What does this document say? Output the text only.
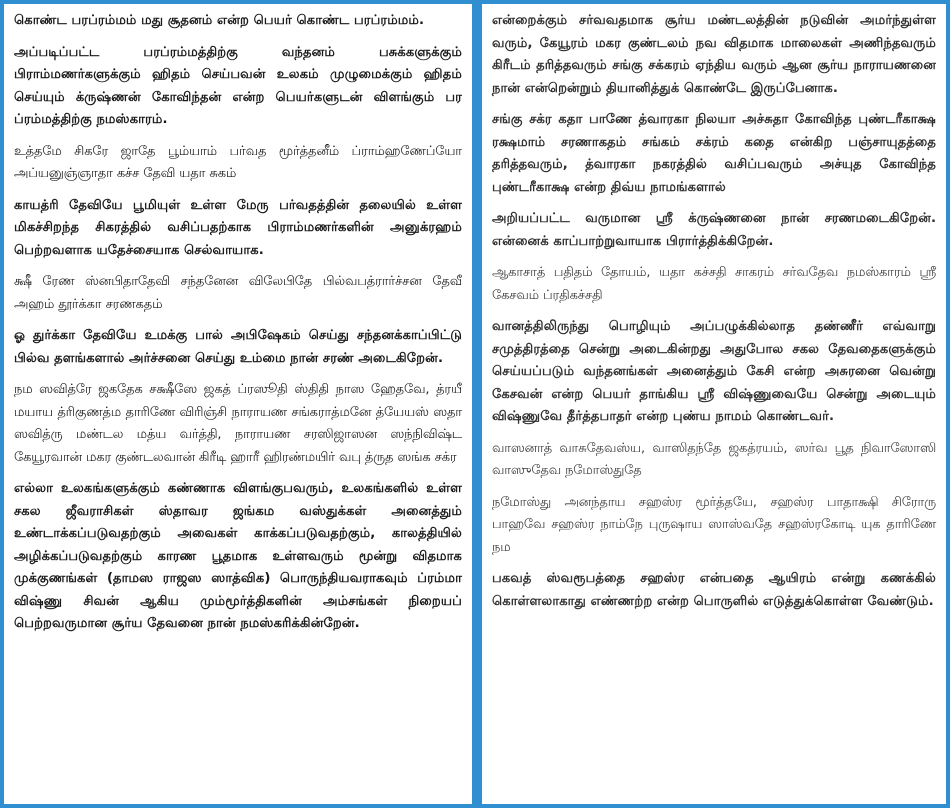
கொண்ட பரப்ரம்மம் மது சூதனம் என்ற பெயர் கொண்ட பரப்ரம்மம்.

அப்படிப்பட்ட பரப்ரம்மத்திற்கு வந்தனம் பசுக்களுக்கும் பிராம்மணர்களுக்கும் ஹிதம் செய்பவன் உலகம் முழுமைக்கும் ஹிதம் செய்யும் க்ருஷ்ணன் கோவிந்தன் என்ற பெயர்களுடன் விளங்கும் பர ப்ரம்மத்திற்கு நமஸ்காரம்.

உத்தமே சிகரே ஜாதே பூம்யாம் பர்வத மூர்த்தனீம் ப்ராம்ஹணேப்யோ அப்யனுஞ்ஞாதா கச்ச தேவி யதா சுகம்

காயத்ரி தேவியே பூமியுள் உள்ள மேரு பர்வதத்தின் தலையில் உள்ள மிகச்சிறந்த சிகரத்தில் வசிப்பதற்காக பிராம்மணர்களின் அனுக்ரஹம் பெற்றவளாக யதேச்சையாக செல்வாயாக.

க்ஷீ ரேண ஸ்னபிதாதேவி சந்தனேன விலேபிதே பில்வபத்ரார்ச்சன தேவீ அஹம் தூர்க்கா சரணகதம்

ஓ துர்க்கா தேவியே உமக்கு பால் அபிஷேகம் செய்து சந்தனக்காப்பிட்டு பில்வ தளங்களால் அர்ச்சனை செய்து உம்மை நான் சரண் அடைகிறேன்.

நம ஸவித்ரே ஜகதேக சக்ஷீஸே ஜகத் ப்ரஸூதி ஸ்திதி நாஸ ஹேதவே, த்ரயீ மயாய த்ரிகுணத்ம தாரிணே விரிஞ்சி நாராயண சங்கராத்மனே த்யேயஸ் ஸதா ஸவித்ரு மண்டல மத்ய வர்த்தி, நாராயண சரஸிஜாஸன ஸந்நிவிஷ்ட கேயூரவான் மகர குண்டலவான் கிரீடி ஹாரீ ஹிரண்மயிர் வபு த்ருத ஸங்க சக்ர

எல்லா உலகங்களுக்கும் கண்ணாக விளங்குபவரும், உலகங்களில் உள்ள சகல ஜீவராசிகள் ஸ்தாவர ஜங்கம வஸ்துக்கள் அனைத்தும் உண்டாக்கப்படுவதற்கும் அவைகள் காக்கப்படுவதற்கும், காலத்தியில் அழிக்கப்படுவதற்கும் காரண பூதமாக உள்ளவரும் மூன்று விதமாக முக்குணங்கள் (தாமஸ ராஜஸ ஸாத்விக) பொருந்தியவராகவும் ப்ரம்மா விஷ்ணு சிவன் ஆகிய மும்மூர்த்திகளின் அம்சங்கள் நிறையப் பெற்றவருமான சூர்ய தேவனை நான் நமஸ்கரிக்கின்றேன்.

என்றைக்கும் சர்வவதமாக சூர்ய மண்டலத்தின் நடுவின் அமர்ந்துள்ள வரும், கேயூரம் மகர குண்டலம் நவ விதமாக மாலைகள் அணிந்தவரும் கிரீடம் தரித்தவரும் சங்கு சக்கரம் ஏந்திய வரும் ஆன சூர்ய நாராயணனை நான் என்றென்றும் தியானித்துக் கொண்டே இருப்பேனாக.

சங்கு சக்ர கதா பாணே த்வாரகா நிலயா அச்சுதா கோவிந்த புண்டரீகாக்ஷ ரக்ஷமாம் சரணாகதம் சங்கம் சக்ரம் கதை என்கிற பஞ்சாயுதத்தை தரித்தவரும், த்வாரகா நகரத்தில் வசிப்பவரும் அச்யுத கோவிந்த புண்டரீகாக்ஷ என்ற திவ்ய நாமங்களால்

அறியப்பட்ட வருமான ஸ்ரீ க்ருஷ்ணனை நான் சரணமடைகிறேன். என்னைக் காப்பாற்றுவாயாக பிரார்த்திக்கிறேன்.

ஆகாசாத் பதிதம் தோயம், யதா கச்சதி சாகரம் சர்வதேவ நமஸ்காரம் ஸ்ரீ கேசவம் ப்ரதிகச்சதி

வானத்திலிருந்து பொழியும் அப்பழுக்கில்லாத தண்ணீர் எவ்வாறு சமுத்திரத்தை சென்று அடைகின்றது அதுபோல சகல தேவதைகளுக்கும் செய்யப்படும் வந்தனங்கள் அனைத்தும் கேசி என்ற அசுரனை வென்று கேசவன் என்ற பெயர் தாங்கிய ஸ்ரீ விஷ்ணுவையே சென்று அடையும் விஷ்ணுவே தீர்த்தபாதர் என்ற புண்ய நாமம் கொண்டவர்.

வாஸனாத் வாசுதேவஸ்ய, வாஸிதந்தே ஜகத்ரயம், ஸர்வ பூத நிவாஸோஸி வாஸுதேவ நமோஸ்துதே

நமோஸ்து அனந்தாய சஹஸ்ர மூர்த்தயே, சஹஸ்ர பாதாக்ஷி சிரோரு பாஹவே சஹஸ்ர நாம்நே புருஷாய ஸாஸ்வதே சஹஸ்ரகோடி யுக தாரிணே நம

பகவத் ஸ்வரூபத்தை சஹஸ்ர என்பதை ஆயிரம் என்று கணக்கில் கொள்ளலாகாது எண்ணற்ற என்ற பொருளில் எடுத்துக்கொள்ள வேண்டும்.
